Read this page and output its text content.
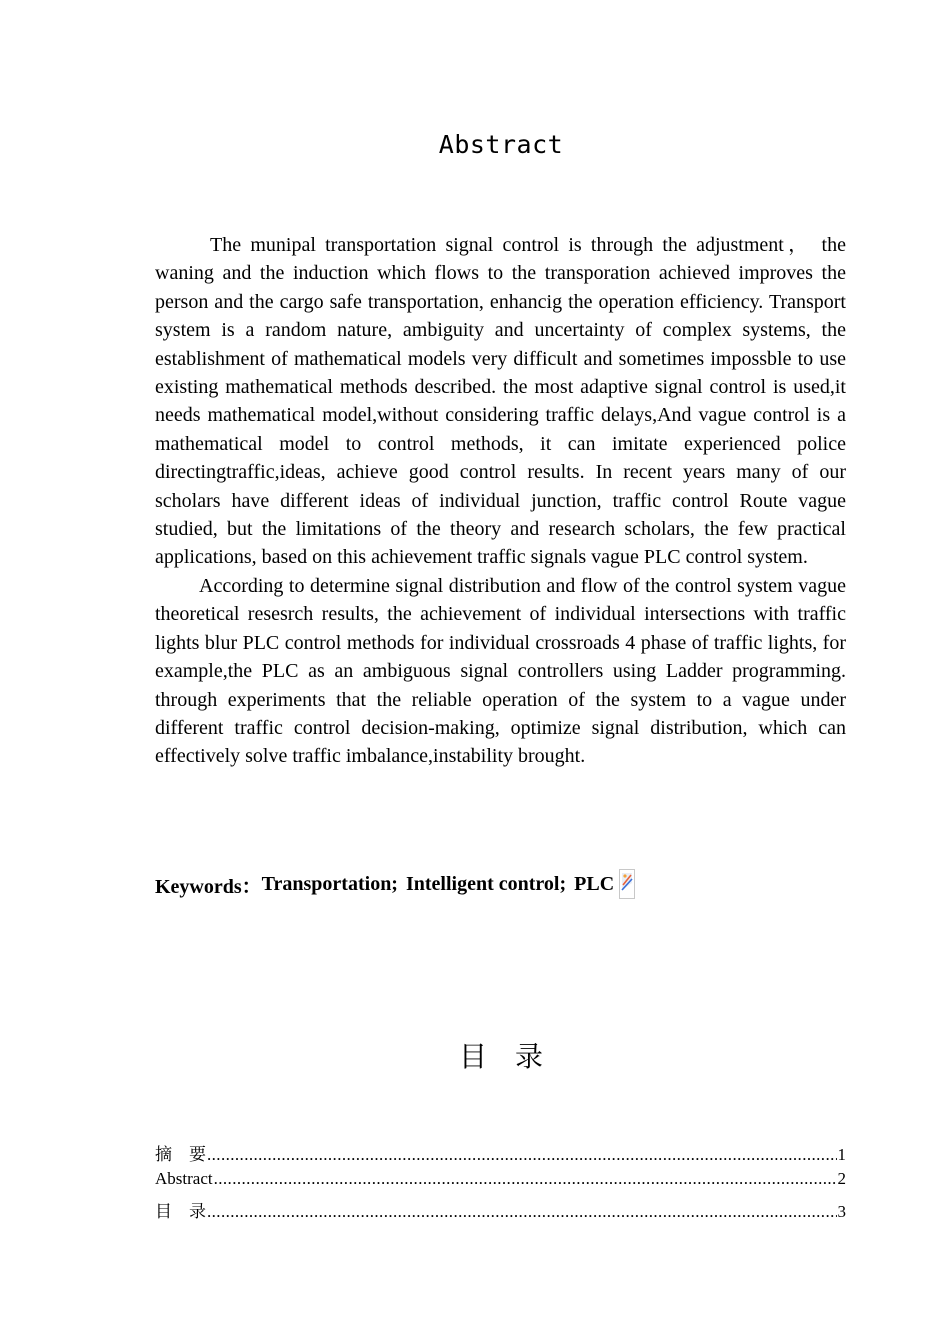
Abstract

The munipal transportation signal control is through the adjustment， the waning and the induction which flows to the transporation achieved improves the person and the cargo safe transportation, enhancig the operation efficiency. Transport system is a random nature, ambiguity and uncertainty of complex systems, the establishment of mathematical models very difficult and sometimes impossble to use existing mathematical methods described. the most adaptive signal control is used,it needs mathematical model,without considering traffic delays,And vague control is a mathematical model to control methods, it can imitate experienced police directingtraffic,ideas, achieve good control results. In recent years many of our scholars have different ideas of individual junction, traffic control Route vague studied, but the limitations of the theory and research scholars, the few practical applications, based on this achievement traffic signals vague PLC control system.

According to determine signal distribution and flow of the control system vague theoretical resesrch results, the achievement of individual intersections with traffic lights blur PLC control methods for individual crossroads 4 phase of traffic lights, for example,the PLC as an ambiguous signal controllers using Ladder programming. through experiments that the reliable operation of the system to a vague under different traffic control decision-making, optimize signal distribution, which can effectively solve traffic imbalance,instability brought.

Keywords： Transportation; Intelligent control; PLC
目录
摘　要 .....	1
Abstract .....	2
目　录 .....	3
